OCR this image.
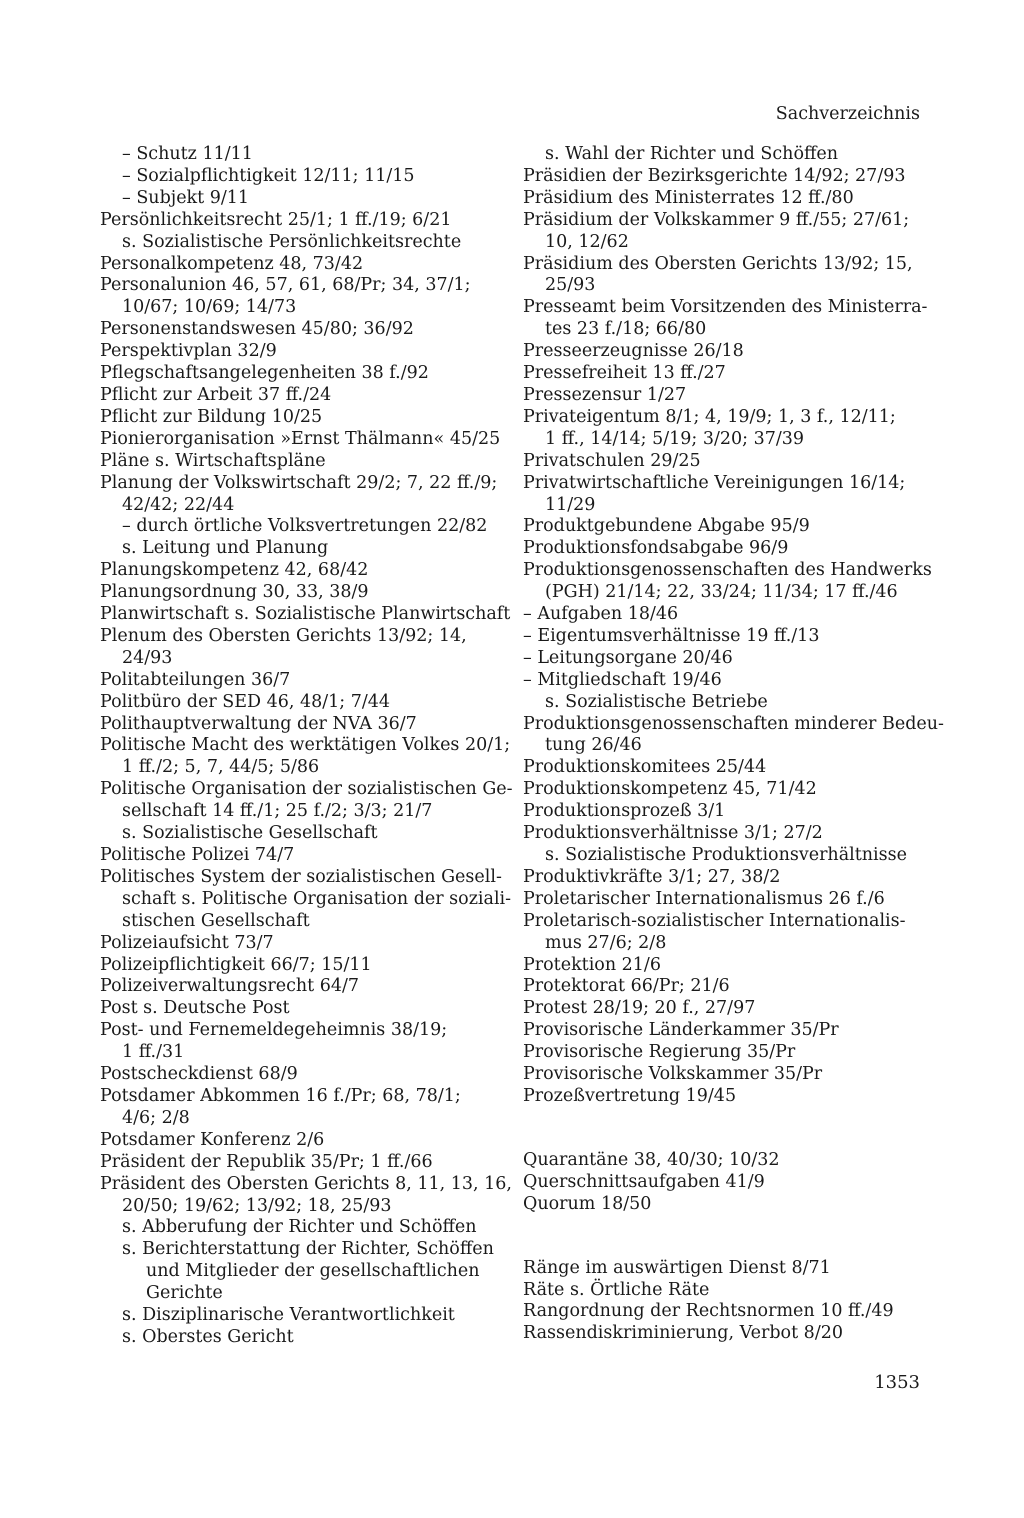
Sachverzeichnis
– Schutz 11/11
– Sozialpflichtigkeit 12/11; 11/15
– Subjekt 9/11
Persönlichkeitsrecht 25/1; 1 ff./19; 6/21
s. Sozialistische Persönlichkeitsrechte
Personalkompetenz 48, 73/42
Personalunion 46, 57, 61, 68/Pr; 34, 37/1;
10/67; 10/69; 14/73
Personenstandswesen 45/80; 36/92
Perspektivplan 32/9
Pflegschaftsangelegenheiten 38 f./92
Pflicht zur Arbeit 37 ff./24
Pflicht zur Bildung 10/25
Pionierorganisation »Ernst Thälmann« 45/25
Pläne s. Wirtschaftspläne
Planung der Volkswirtschaft 29/2; 7, 22 ff./9;
42/42; 22/44
– durch örtliche Volksvertretungen 22/82
s. Leitung und Planung
Planungskompetenz 42, 68/42
Planungsordnung 30, 33, 38/9
Planwirtschaft s. Sozialistische Planwirtschaft
Plenum des Obersten Gerichts 13/92; 14,
24/93
Politabteilungen 36/7
Politbüro der SED 46, 48/1; 7/44
Polithauptverwaltung der NVA 36/7
Politische Macht des werktätigen Volkes 20/1;
1 ff./2; 5, 7, 44/5; 5/86
Politische Organisation der sozialistischen Ge-
sellschaft 14 ff./1; 25 f./2; 3/3; 21/7
s. Sozialistische Gesellschaft
Politische Polizei 74/7
Politisches System der sozialistischen Gesell-
schaft s. Politische Organisation der soziali-
stischen Gesellschaft
Polizeiaufsicht 73/7
Polizeipflichtigkeit 66/7; 15/11
Polizeiverwaltungsrecht 64/7
Post s. Deutsche Post
Post- und Fernemeldegeheimnis 38/19;
1 ff./31
Postscheckdienst 68/9
Potsdamer Abkommen 16 f./Pr; 68, 78/1;
4/6; 2/8
Potsdamer Konferenz 2/6
Präsident der Republik 35/Pr; 1 ff./66
Präsident des Obersten Gerichts 8, 11, 13, 16,
20/50; 19/62; 13/92; 18, 25/93
s. Abberufung der Richter und Schöffen
s. Berichterstattung der Richter, Schöffen
und Mitglieder der gesellschaftlichen
Gerichte
s. Disziplinarische Verantwortlichkeit
s. Oberstes Gericht
s. Wahl der Richter und Schöffen
Präsidien der Bezirksgerichte 14/92; 27/93
Präsidium des Ministerrates 12 ff./80
Präsidium der Volkskammer 9 ff./55; 27/61;
10, 12/62
Präsidium des Obersten Gerichts 13/92; 15,
25/93
Presseamt beim Vorsitzenden des Ministerra-
tes 23 f./18; 66/80
Presseerzeugnisse 26/18
Pressefreiheit 13 ff./27
Pressezensur 1/27
Privateigentum 8/1; 4, 19/9; 1, 3 f., 12/11;
1 ff., 14/14; 5/19; 3/20; 37/39
Privatschulen 29/25
Privatwirtschaftliche Vereinigungen 16/14;
11/29
Produktgebundene Abgabe 95/9
Produktionsfondsabgabe 96/9
Produktionsgenossenschaften des Handwerks
(PGH) 21/14; 22, 33/24; 11/34; 17 ff./46
– Aufgaben 18/46
– Eigentumsverhältnisse 19 ff./13
– Leitungsorgane 20/46
– Mitgliedschaft 19/46
s. Sozialistische Betriebe
Produktionsgenossenschaften minderer Bedeu-
tung 26/46
Produktionskomitees 25/44
Produktionskompetenz 45, 71/42
Produktionsprozeß 3/1
Produktionsverhältnisse 3/1; 27/2
s. Sozialistische Produktionsverhältnisse
Produktivkräfte 3/1; 27, 38/2
Proletarischer Internationalismus 26 f./6
Proletarisch-sozialistischer Internationalis-
mus 27/6; 2/8
Protektion 21/6
Protektorat 66/Pr; 21/6
Protest 28/19; 20 f., 27/97
Provisorische Länderkammer 35/Pr
Provisorische Regierung 35/Pr
Provisorische Volkskammer 35/Pr
Prozeßvertretung 19/45
Quarantäne 38, 40/30; 10/32
Querschnittsaufgaben 41/9
Quorum 18/50
Ränge im auswärtigen Dienst 8/71
Räte s. Örtliche Räte
Rangordnung der Rechtsnormen 10 ff./49
Rassendiskriminierung, Verbot 8/20
1353
